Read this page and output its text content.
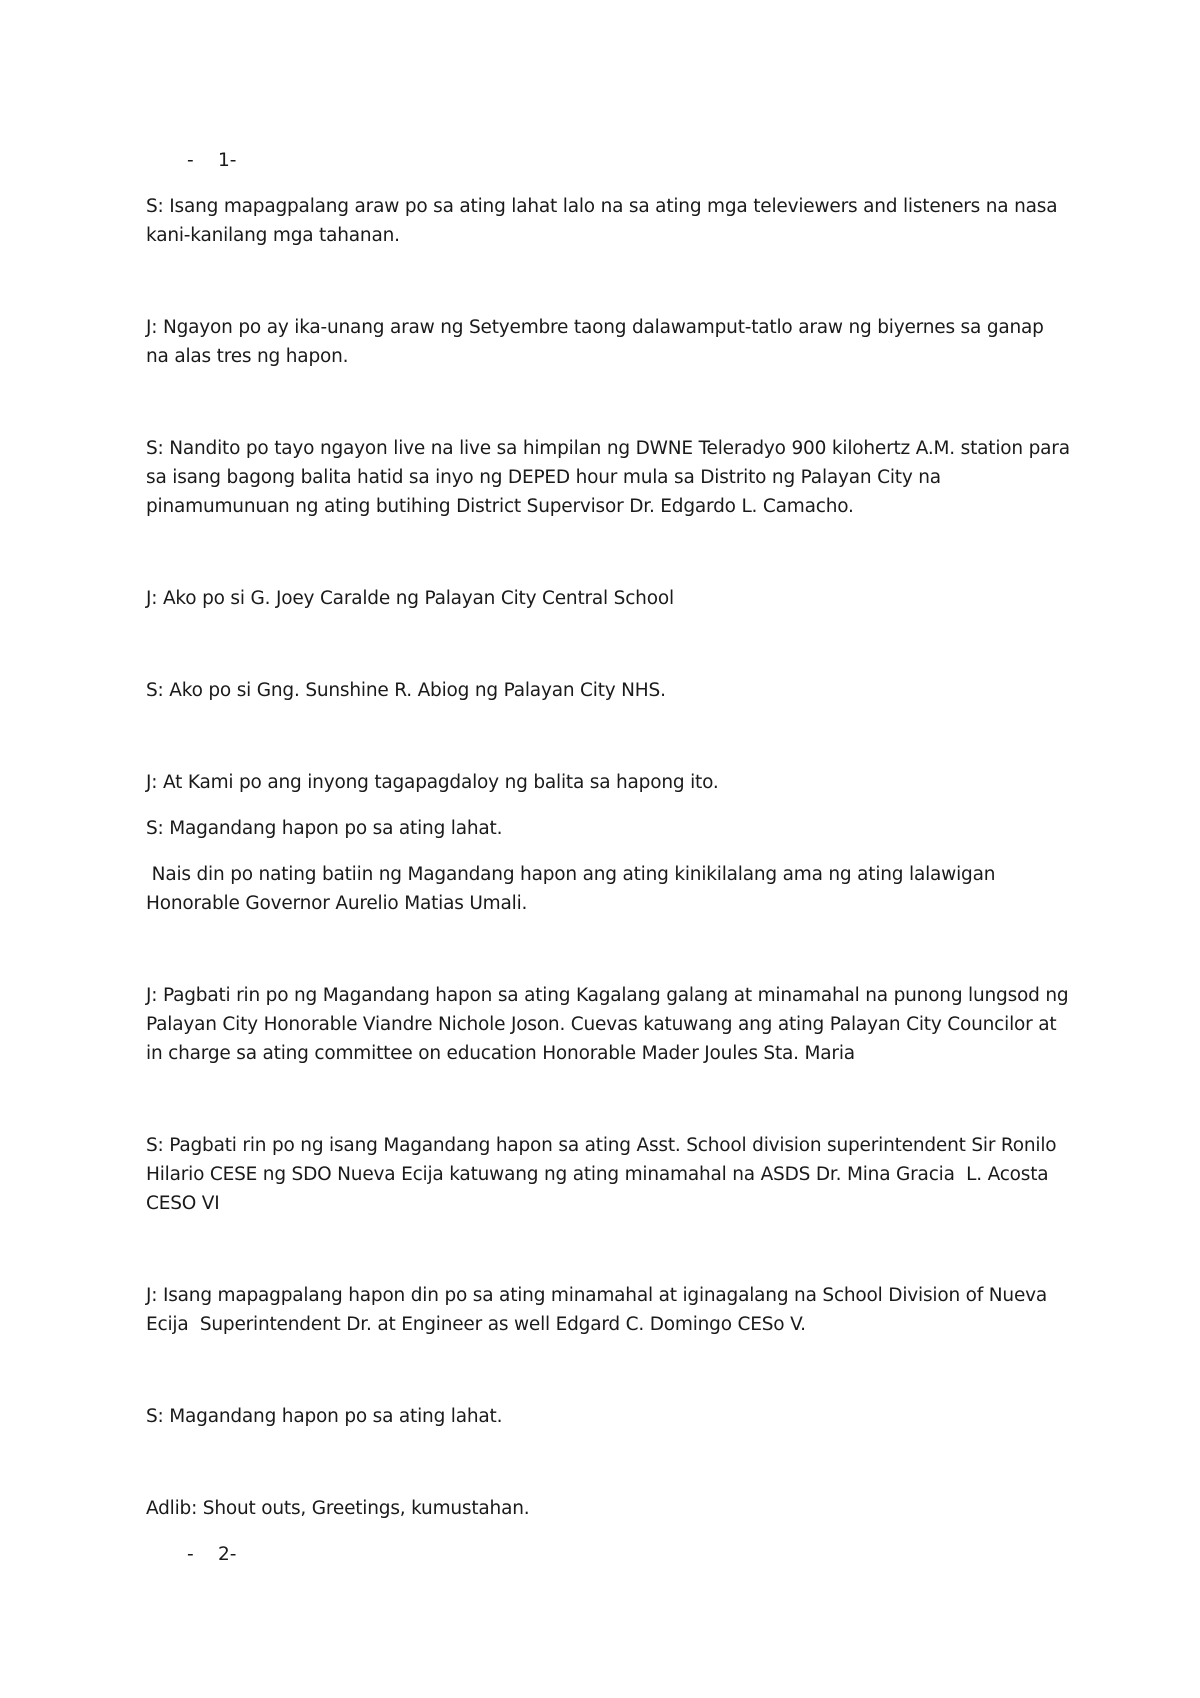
- 1-
S: Isang mapagpalang araw po sa ating lahat lalo na sa ating mga televiewers and listeners na nasa
kani-kanilang mga tahanan.
J: Ngayon po ay ika-unang araw ng Setyembre taong dalawamput-tatlo araw ng biyernes sa ganap
na alas tres ng hapon.
S: Nandito po tayo ngayon live na live sa himpilan ng DWNE Teleradyo 900 kilohertz A.M. station para
sa isang bagong balita hatid sa inyo ng DEPED hour mula sa Distrito ng Palayan City na
pinamumunuan ng ating butihing District Supervisor Dr. Edgardo L. Camacho.
J: Ako po si G. Joey Caralde ng Palayan City Central School
S: Ako po si Gng. Sunshine R. Abiog ng Palayan City NHS.
J: At Kami po ang inyong tagapagdaloy ng balita sa hapong ito.
S: Magandang hapon po sa ating lahat.
Nais din po nating batiin ng Magandang hapon ang ating kinikilalang ama ng ating lalawigan
Honorable Governor Aurelio Matias Umali.
J: Pagbati rin po ng Magandang hapon sa ating Kagalang galang at minamahal na punong lungsod ng
Palayan City Honorable Viandre Nichole Joson. Cuevas katuwang ang ating Palayan City Councilor at
in charge sa ating committee on education Honorable Mader Joules Sta. Maria
S: Pagbati rin po ng isang Magandang hapon sa ating Asst. School division superintendent Sir Ronilo
Hilario CESE ng SDO Nueva Ecija katuwang ng ating minamahal na ASDS Dr. Mina Gracia  L. Acosta
CESO VI
J: Isang mapagpalang hapon din po sa ating minamahal at iginagalang na School Division of Nueva
Ecija  Superintendent Dr. at Engineer as well Edgard C. Domingo CESo V.
S: Magandang hapon po sa ating lahat.
Adlib: Shout outs, Greetings, kumustahan.
- 2-
